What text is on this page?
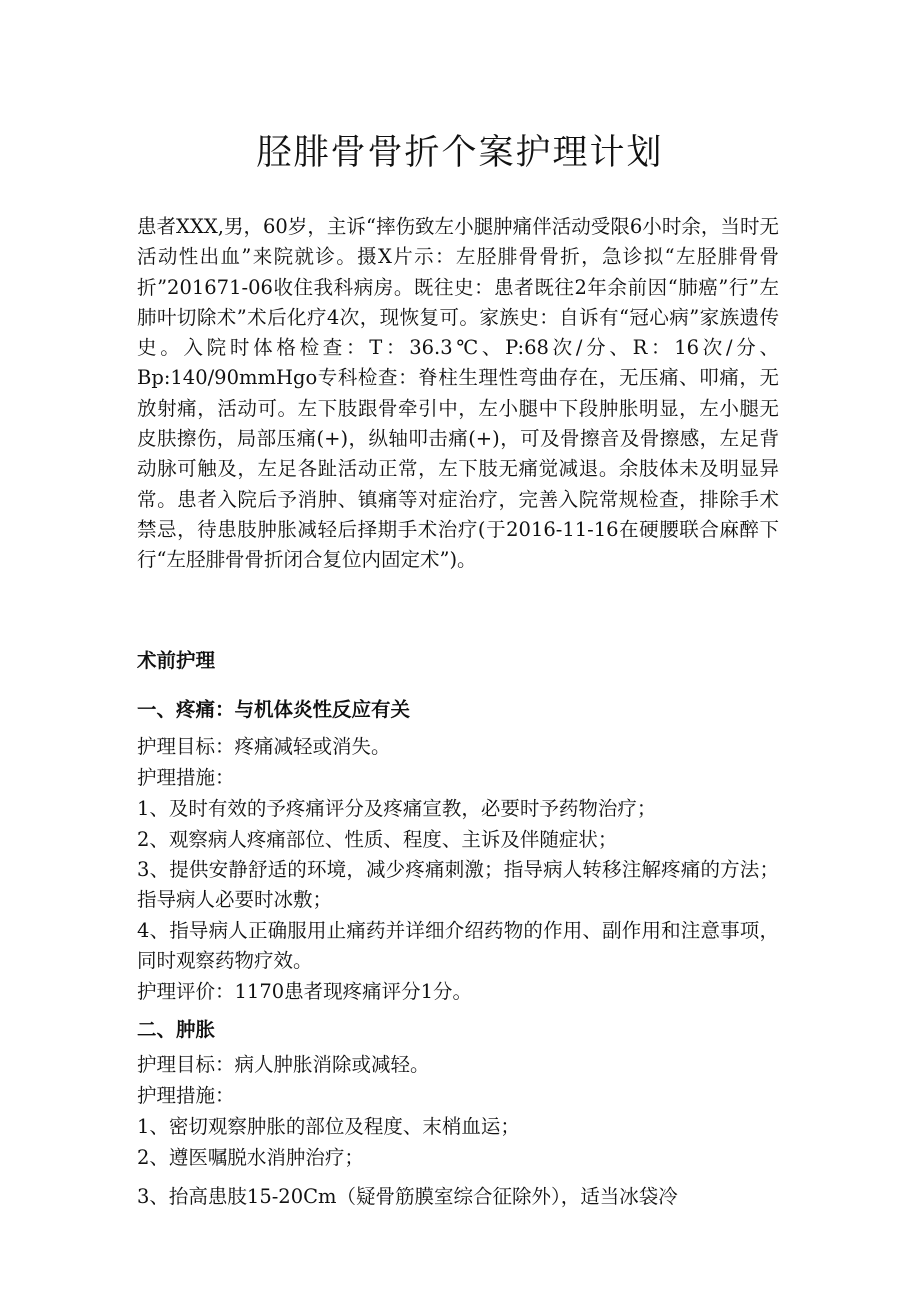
胫腓骨骨折个案护理计划

患者XXX,男，60岁，主诉“摔伤致左小腿肿痛伴活动受限6小时余，当时无活动性出血”来院就诊。摄X片示：左胫腓骨骨折，急诊拟“左胫腓骨骨折”201671-06收住我科病房。既往史：患者既往2年余前因“肺癌”行”左肺叶切除术”术后化疗4次，现恢复可。家族史：自诉有“冠心病”家族遗传史。入院时体格检查：T：36.3℃、P:68次/分、R：16次/分、Bp:140/90mmHgo专科检查：脊柱生理性弯曲存在，无压痛、叩痛，无放射痛，活动可。左下肢跟骨牵引中，左小腿中下段肿胀明显，左小腿无皮肤擦伤，局部压痛(+)，纵轴叩击痛(+)，可及骨擦音及骨擦感，左足背动脉可触及，左足各趾活动正常，左下肢无痛觉减退。余肢体未及明显异常。患者入院后予消肿、镇痛等对症治疗，完善入院常规检查，排除手术禁忌，待患肢肿胀减轻后择期手术治疗(于2016-11-16在硬腰联合麻醉下行“左胫腓骨骨折闭合复位内固定术”)。

术前护理

一、疼痛：与机体炎性反应有关

护理目标：疼痛减轻或消失。

护理措施：

1、及时有效的予疼痛评分及疼痛宣教，必要时予药物治疗；

2、观察病人疼痛部位、性质、程度、主诉及伴随症状；

3、提供安静舒适的环境，减少疼痛刺激；指导病人转移注解疼痛的方法；指导病人必要时冰敷；

4、指导病人正确服用止痛药并详细介绍药物的作用、副作用和注意事项，同时观察药物疗效。

护理评价：1170患者现疼痛评分1分。

二、肿胀

护理目标：病人肿胀消除或减轻。

护理措施：

1、密切观察肿胀的部位及程度、末梢血运；

2、遵医嘱脱水消肿治疗；

3、抬高患肢15-20Cm（疑骨筋膜室综合征除外），适当冰袋冷
